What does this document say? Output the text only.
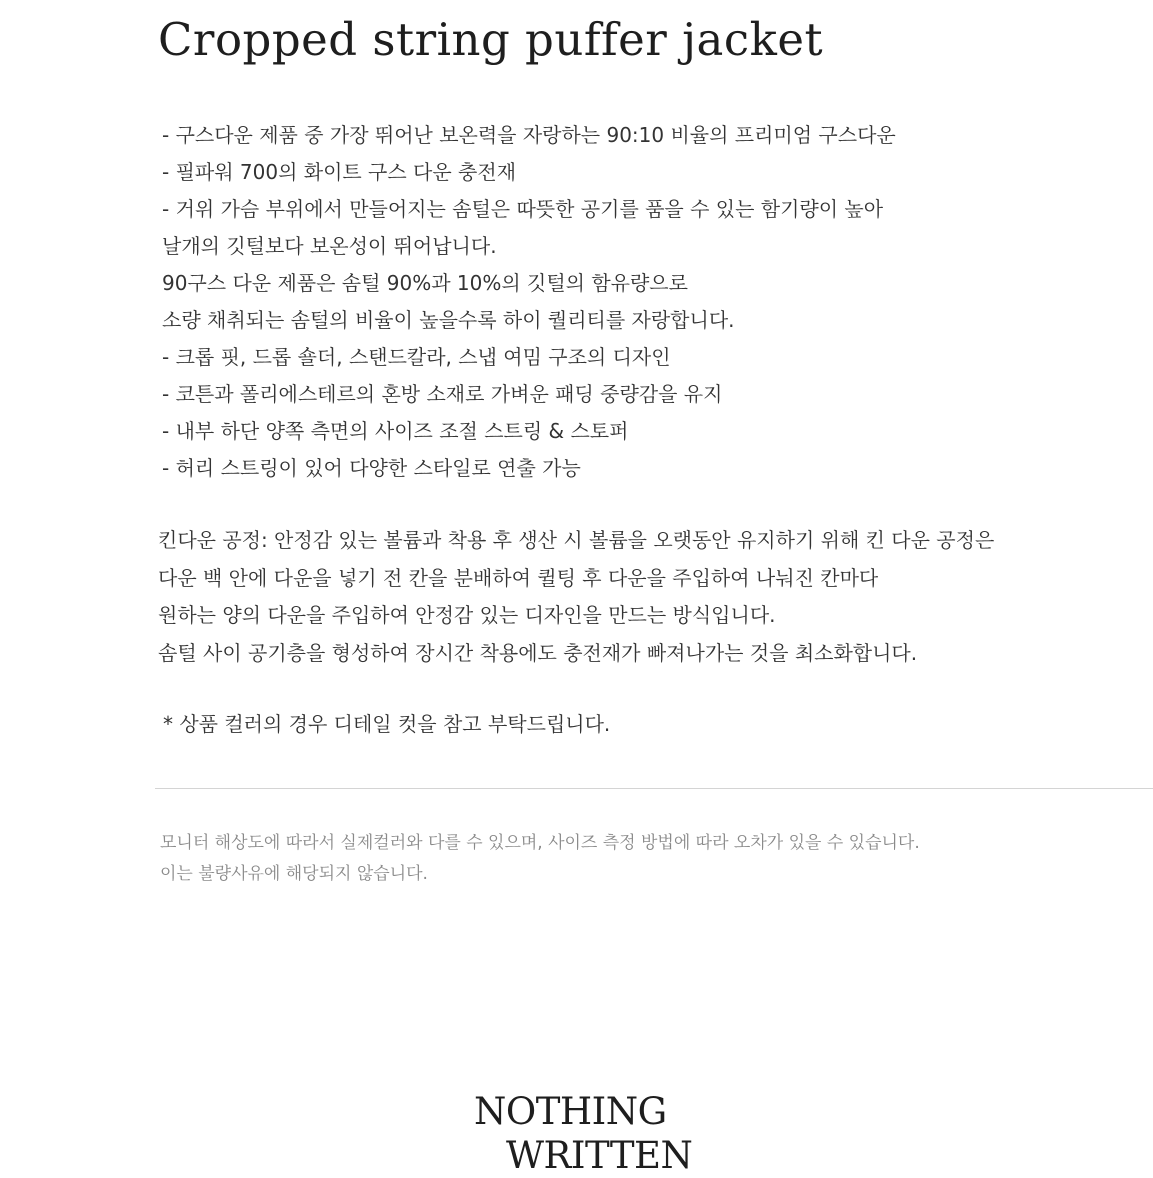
Cropped string puffer jacket
- 구스다운 제품 중 가장 뛰어난 보온력을 자랑하는 90:10 비율의 프리미엄 구스다운
- 필파워 700의 화이트 구스 다운 충전재
- 거위 가슴 부위에서 만들어지는 솜털은 따뜻한 공기를 품을 수 있는 함기량이 높아
날개의 깃털보다 보온성이 뛰어납니다.
90구스 다운 제품은 솜털 90%과 10%의 깃털의 함유량으로
소량 채취되는 솜털의 비율이 높을수록 하이 퀄리티를 자랑합니다.
- 크롭 핏, 드롭 숄더, 스탠드칼라, 스냅 여밈 구조의 디자인
- 코튼과 폴리에스테르의 혼방 소재로 가벼운 패딩 중량감을 유지
- 내부 하단 양쪽 측면의 사이즈 조절 스트링 & 스토퍼
- 허리 스트링이 있어 다양한 스타일로 연출 가능

킨다운 공정: 안정감 있는 볼륨과 착용 후 생산 시 볼륨을 오랫동안 유지하기 위해 킨 다운 공정은

다운 백 안에 다운을 넣기 전 칸을 분배하여 퀼팅 후 다운을 주입하여 나눠진 칸마다

원하는 양의 다운을 주입하여 안정감 있는 디자인을 만드는 방식입니다.

솜털 사이 공기층을 형성하여 장시간 착용에도 충전재가 빠져나가는 것을 최소화합니다.

* 상품 컬러의 경우 디테일 컷을 참고 부탁드립니다.

모니터 해상도에 따라서 실제컬러와 다를 수 있으며, 사이즈 측정 방법에 따라 오차가 있을 수 있습니다.

이는 불량사유에 해당되지 않습니다.

NOTHING
WRITTEN
